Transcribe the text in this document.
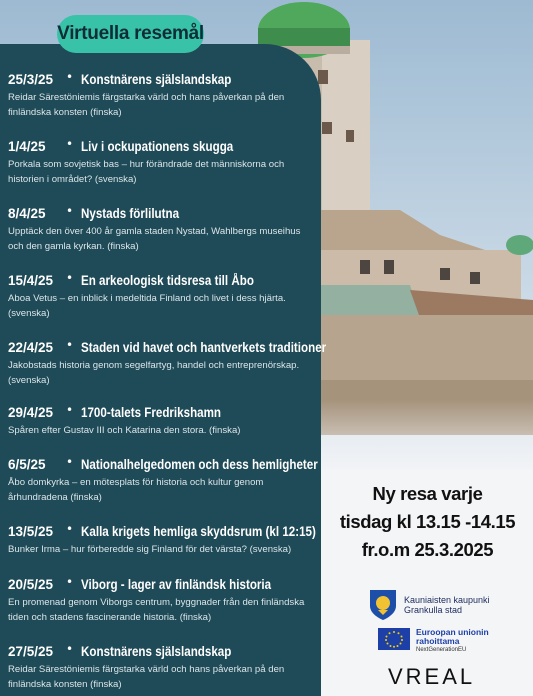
Virtuella resemål
25/3/25	• Konstnärens själslandskap
Reidar Särestöniemis färgstarka värld och hans påverkan på den finländska konsten (finska)
1/4/25	• Liv i ockupationens skugga
Porkala som sovjetisk bas – hur förändrade det människorna och historien i området? (svenska)
8/4/25	• Nystads förlilutna
Upptäck den över 400 år gamla staden Nystad, Wahlbergs museihus och den gamla kyrkan. (finska)
15/4/25	• En arkeologisk tidsresa till Åbo
Aboa Vetus – en inblick i medeltida Finland och livet i dess hjärta. (svenska)
22/4/25	• Staden vid havet och hantverkets traditioner
Jakobstads historia genom segelfartyg, handel och entreprenörskap.(svenska)
29/4/25	• 1700-talets Fredrikshamn
Spåren efter Gustav III och Katarina den stora. (finska)
6/5/25	• Nationalhelgedomen och dess hemligheter
Åbo domkyrka – en mötesplats för historia och kultur genom århundradena (finska)
13/5/25	• Kalla krigets hemliga skyddsrum (kl 12:15)
Bunker Irma – hur förberedde sig Finland för det värsta? (svenska)
20/5/25	• Viborg - lager av finländsk historia
En promenad genom Viborgs centrum, byggnader från den finländska tiden och stadens fascinerande historia. (finska)
27/5/25	• Konstnärens själslandskap
Reidar Särestöniemis färgstarka värld och hans påverkan på den finländska konsten (finska)
Ny resa varje
tisdag kl 13.15 -14.15
fr.o.m 25.3.2025
Kauniaisten kaupunki
Grankulla stad
Euroopan unionin
rahoittama
NextGenerationEU
VREAL
